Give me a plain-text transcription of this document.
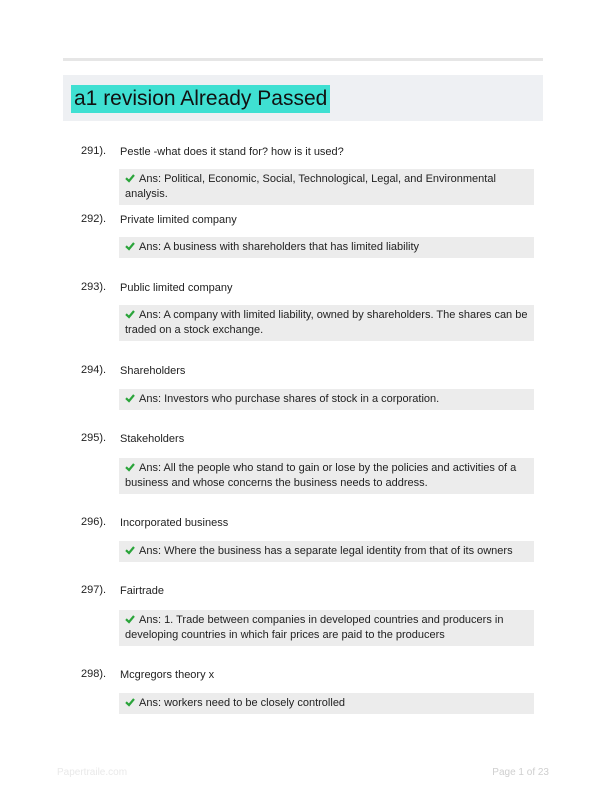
a1 revision Already Passed
291). Pestle -what does it stand for? how is it used?
Ans: Political, Economic, Social, Technological, Legal, and Environmental analysis.
292). Private limited company
Ans: A business with shareholders that has limited liability
293). Public limited company
Ans: A company with limited liability, owned by shareholders. The shares can be traded on a stock exchange.
294). Shareholders
Ans: Investors who purchase shares of stock in a corporation.
295). Stakeholders
Ans: All the people who stand to gain or lose by the policies and activities of a business and whose concerns the business needs to address.
296). Incorporated business
Ans: Where the business has a separate legal identity from that of its owners
297). Fairtrade
Ans: 1. Trade between companies in developed countries and producers in developing countries in which fair prices are paid to the producers
298). Mcgregors theory x
Ans: workers need to be closely controlled
Papertraile.com	Page 1 of 23
